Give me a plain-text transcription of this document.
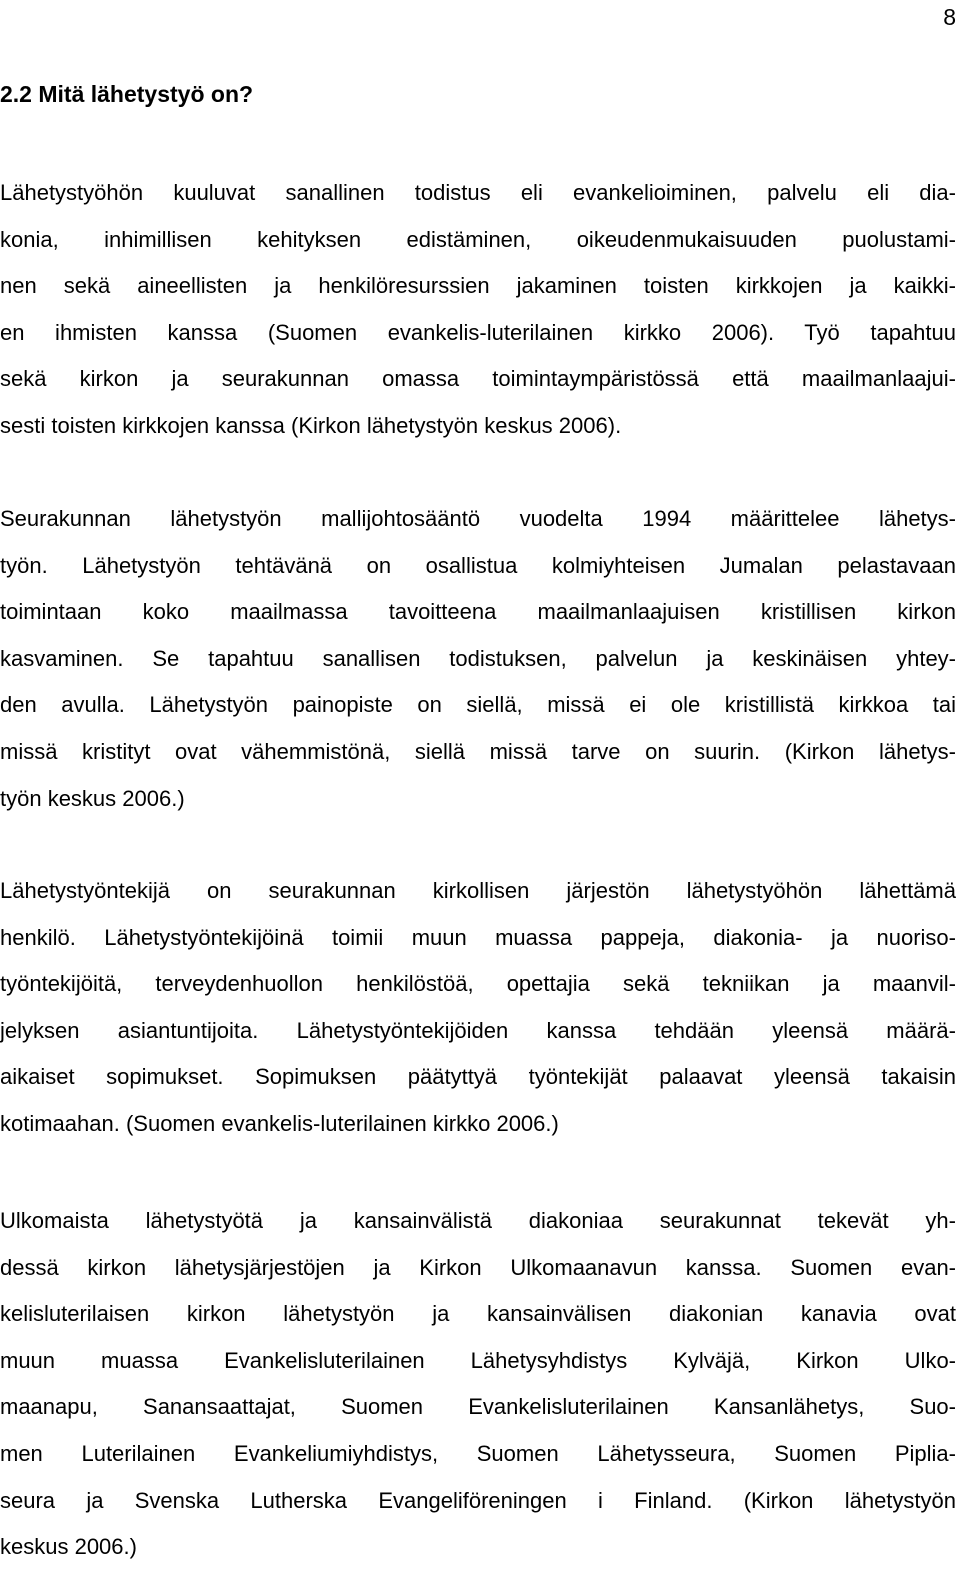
8
2.2 Mitä lähetystyö on?
Lähetystyöhön kuuluvat sanallinen todistus eli evankelioiminen, palvelu eli dia-
konia, inhimillisen kehityksen edistäminen, oikeudenmukaisuuden puolustami-
nen sekä aineellisten ja henkilöresurssien jakaminen toisten kirkkojen ja kaikki-
en ihmisten kanssa (Suomen evankelis-luterilainen kirkko 2006). Työ tapahtuu
sekä kirkon ja seurakunnan omassa toimintaympäristössä että maailmanlaajui-
sesti toisten kirkkojen kanssa (Kirkon lähetystyön keskus 2006).
Seurakunnan lähetystyön mallijohtosääntö vuodelta 1994 määrittelee lähetys-
työn. Lähetystyön tehtävänä on osallistua kolmiyhteisen Jumalan pelastavaan
toimintaan koko maailmassa tavoitteena maailmanlaajuisen kristillisen kirkon
kasvaminen. Se tapahtuu sanallisen todistuksen, palvelun ja keskinäisen yhtey-
den avulla. Lähetystyön painopiste on siellä, missä ei ole kristillistä kirkkoa tai
missä kristityt ovat vähemmistönä, siellä missä tarve on suurin. (Kirkon lähetys-
työn keskus 2006.)
Lähetystyöntekijä on seurakunnan kirkollisen järjestön lähetystyöhön lähettämä
henkilö. Lähetystyöntekijöinä toimii muun muassa pappeja, diakonia- ja nuoriso-
työntekijöitä, terveydenhuollon henkilöstöä, opettajia sekä tekniikan ja maanvil-
jelyksen asiantuntijoita. Lähetystyöntekijöiden kanssa tehdään yleensä määrä-
aikaiset sopimukset. Sopimuksen päätyttyä työntekijät palaavat yleensä takaisin
kotimaahan. (Suomen evankelis-luterilainen kirkko 2006.)
Ulkomaista lähetystyötä ja kansainvälistä diakoniaa seurakunnat tekevät yh-
dessä kirkon lähetysjärjestöjen ja Kirkon Ulkomaanavun kanssa. Suomen evan-
kelisluterilaisen kirkon lähetystyön ja kansainvälisen diakonian kanavia ovat
muun muassa Evankelisluterilainen Lähetysyhdistys Kylväjä, Kirkon Ulko-
maanapu, Sanansaattajat, Suomen Evankelisluterilainen Kansanlähetys, Suo-
men Luterilainen Evankeliumiyhdistys, Suomen Lähetysseura, Suomen Pipliа-
seura ja Svenska Lutherska Evangeliföreningen i Finland. (Kirkon lähetystyön
keskus 2006.)
